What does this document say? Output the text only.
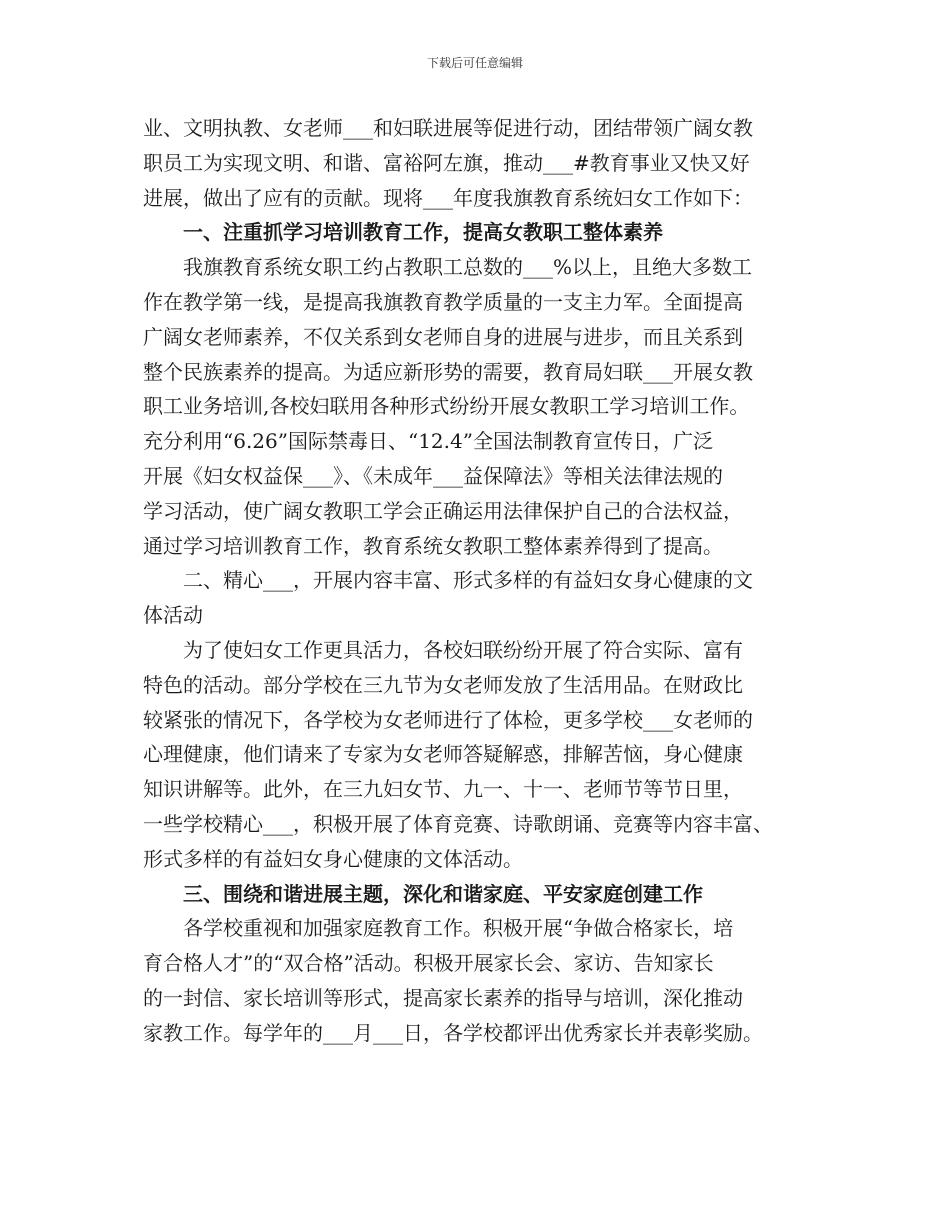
下载后可任意编辑
业、文明执教、女老师___和妇联进展等促进行动，团结带领广阔女教
职员工为实现文明、和谐、富裕阿左旗，推动___#教育事业又快又好
进展，做出了应有的贡献。现将___年度我旗教育系统妇女工作如下：
一、注重抓学习培训教育工作，提高女教职工整体素养
我旗教育系统女职工约占教职工总数的___%以上，且绝大多数工
作在教学第一线，是提高我旗教育教学质量的一支主力军。全面提高
广阔女老师素养，不仅关系到女老师自身的进展与进步，而且关系到
整个民族素养的提高。为适应新形势的需要，教育局妇联___开展女教
职工业务培训,各校妇联用各种形式纷纷开展女教职工学习培训工作。
充分利用“6.26”国际禁毒日、“12.4”全国法制教育宣传日，广泛
开展《妇女权益保___》、《未成年___益保障法》等相关法律法规的
学习活动，使广阔女教职工学会正确运用法律保护自己的合法权益，
通过学习培训教育工作，教育系统女教职工整体素养得到了提高。
二、精心___，开展内容丰富、形式多样的有益妇女身心健康的文
体活动
为了使妇女工作更具活力，各校妇联纷纷开展了符合实际、富有
特色的活动。部分学校在三九节为女老师发放了生活用品。在财政比
较紧张的情况下，各学校为女老师进行了体检，更多学校___女老师的
心理健康，他们请来了专家为女老师答疑解惑，排解苦恼，身心健康
知识讲解等。此外，在三九妇女节、九一、十一、老师节等节日里，
一些学校精心___，积极开展了体育竞赛、诗歌朗诵、竞赛等内容丰富、
形式多样的有益妇女身心健康的文体活动。
三、围绕和谐进展主题，深化和谐家庭、平安家庭创建工作
各学校重视和加强家庭教育工作。积极开展“争做合格家长，培
育合格人才”的“双合格”活动。积极开展家长会、家访、告知家长
的一封信、家长培训等形式，提高家长素养的指导与培训，深化推动
家教工作。每学年的___月___日，各学校都评出优秀家长并表彰奖励。
